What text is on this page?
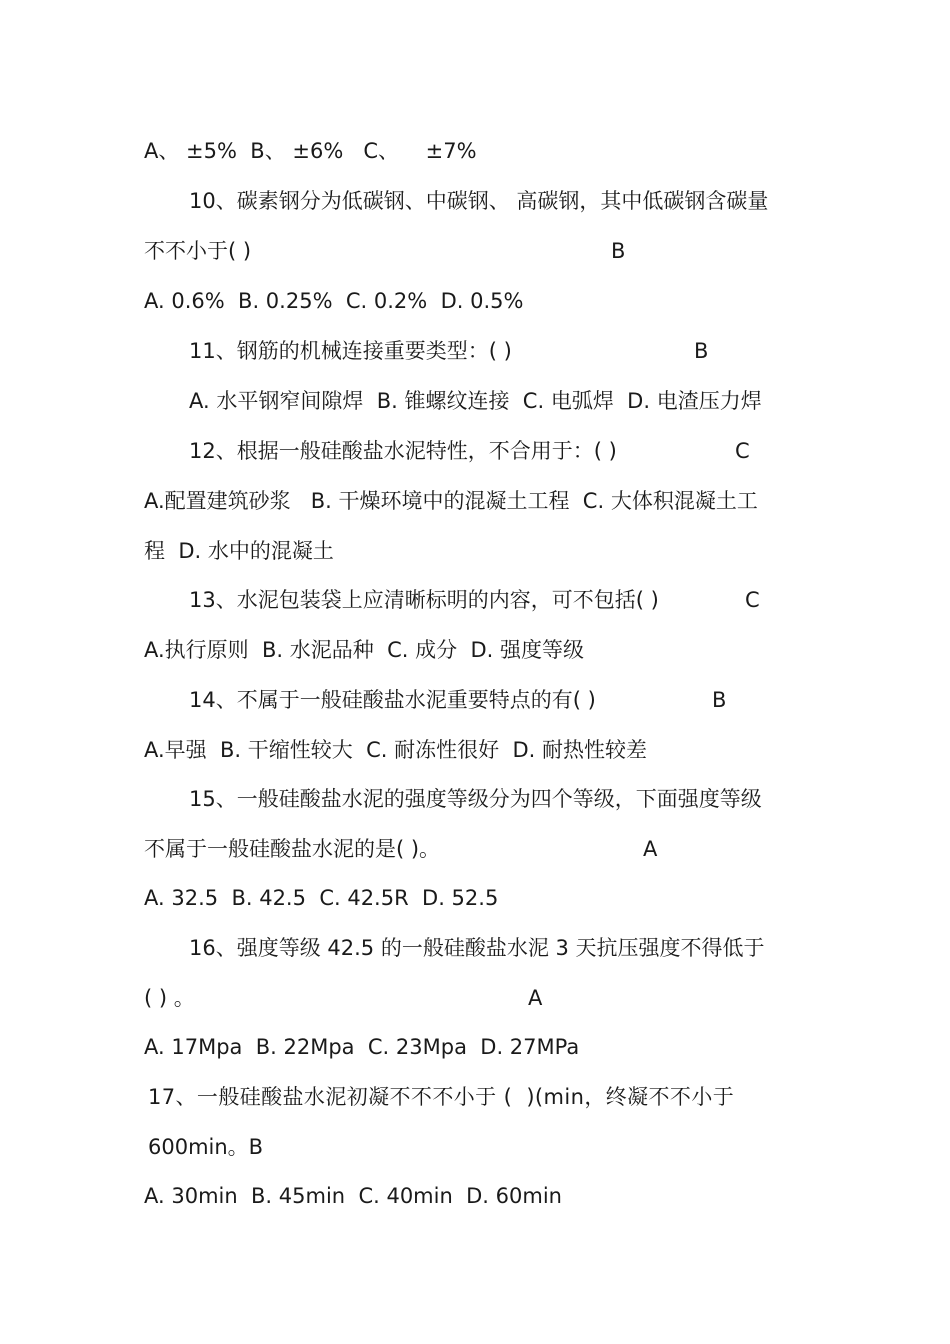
A、 ±5%  B、 ±6%   C、    ±7%
10、碳素钢分为低碳钢、中碳钢、 高碳钢，其中低碳钢含碳量
不不小于( )	B
A. 0.6%  B. 0.25%  C. 0.2%  D. 0.5%
11、钢筋的机械连接重要类型：( )	B
A. 水平钢窄间隙焊  B. 锥螺纹连接  C. 电弧焊  D. 电渣压力焊
12、根据一般硅酸盐水泥特性，不合用于：( )	C
A.配置建筑砂浆   B. 干燥环境中的混凝土工程  C. 大体积混凝土工
程  D. 水中的混凝土
13、水泥包装袋上应清晰标明的内容，可不包括( )	C
A.执行原则  B. 水泥品种  C. 成分  D. 强度等级
14、不属于一般硅酸盐水泥重要特点的有( )	B
A.早强  B. 干缩性较大  C. 耐冻性很好  D. 耐热性较差
15、一般硅酸盐水泥的强度等级分为四个等级，下面强度等级
不属于一般硅酸盐水泥的是( )。	A
A. 32.5  B. 42.5  C. 42.5R  D. 52.5
16、强度等级 42.5 的一般硅酸盐水泥 3 天抗压强度不得低于
( ) 。	A
A. 17Mpa  B. 22Mpa  C. 23Mpa  D. 27MPa
17、一般硅酸盐水泥初凝不不不小于 (  )(min，终凝不不小于
600min。B
A. 30min  B. 45min  C. 40min  D. 60min
